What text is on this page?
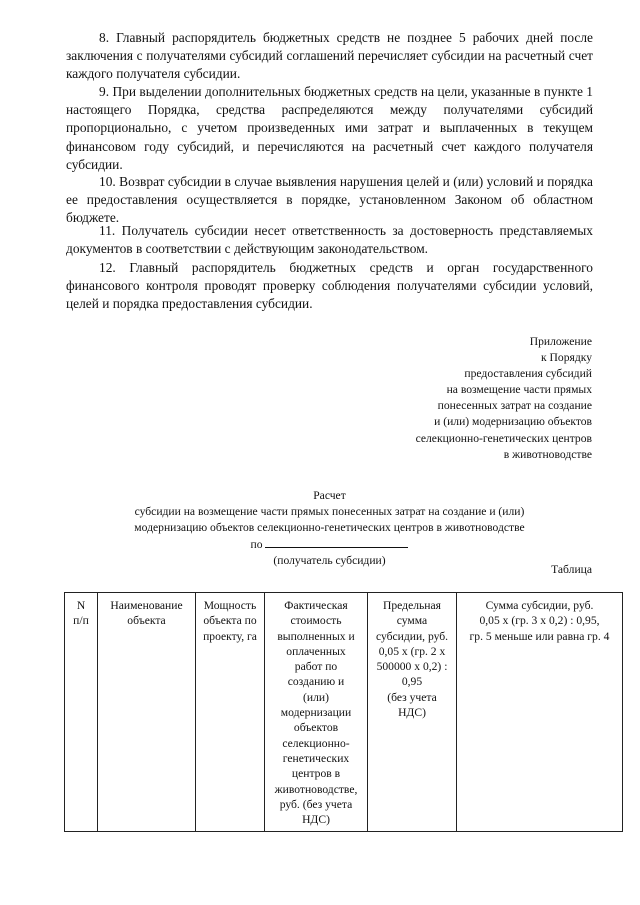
8. Главный распорядитель бюджетных средств не позднее 5 рабочих дней после заключения с получателями субсидий соглашений перечисляет субсидии на расчетный счет каждого получателя субсидии.

9. При выделении дополнительных бюджетных средств на цели, указанные в пункте 1 настоящего Порядка, средства распределяются между получателями субсидий пропорционально, с учетом произведенных ими затрат и выплаченных в текущем финансовом году субсидий, и перечисляются на расчетный счет каждого получателя субсидии.

10. Возврат субсидии в случае выявления нарушения целей и (или) условий и порядка ее предоставления осуществляется в порядке, установленном Законом об областном бюджете.

11. Получатель субсидии несет ответственность за достоверность представляемых документов в соответствии с действующим законодательством.

12. Главный распорядитель бюджетных средств и орган государственного финансового контроля проводят проверку соблюдения получателями субсидии условий, целей и порядка предоставления субсидии.

Приложение
к Порядку
предоставления субсидий
на возмещение части прямых
понесенных затрат на создание
и (или) модернизацию объектов
селекционно-генетических центров
в животноводстве
Расчет
субсидии на возмещение части прямых понесенных затрат на создание и (или)
модернизацию объектов селекционно-генетических центров в животноводстве
по
(получатель субсидии)
Таблица
N
п/п

Наименование
объекта

Мощность
объекта по
проекту, га

Фактическая
стоимость
выполненных и
оплаченных
работ по
созданию и
(или)
модернизации
объектов
селекционно-
генетических
центров в
животноводстве,
руб. (без учета
НДС)

Предельная
сумма
субсидии, руб.
0,05 x (гр. 2 x
500000 x 0,2) :
0,95
(без учета
НДС)

Сумма субсидии, руб.
0,05 x (гр. 3 x 0,2) : 0,95,
гр. 5 меньше или равна гр. 4
